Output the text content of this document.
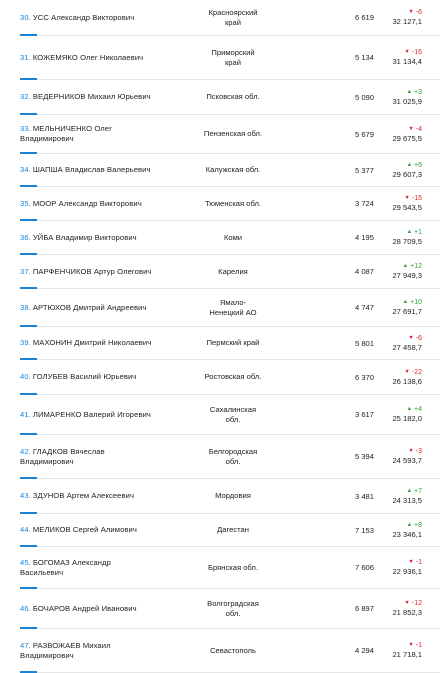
30. УСС Александр Викторович
Красноярский
край	6 619
▼ -6
32 127,1
31. КОЖЕМЯКО Олег Николаевич
Приморский
край	5 134
▼ -16
31 134,4
32. ВЕДЕРНИКОВ Михаил Юрьевич	Псковская обл.	5 090
▲ +3
31 025,9
33. МЕЛЬНИЧЕНКО Олег
Владимирович
Пензенская обл.	5 679
▼ -4
29 675,5
34. ШАПША Владислав Валерьевич	Калужская обл.	5 377
▲ +6
29 607,3
35. МООР Александр Викторович	Тюменская обл.	3 724
▼ -15
29 543,5
36. УЙБА Владимир Викторович	Коми	4 195
▲ +1
28 709,5
37. ПАРФЕНЧИКОВ Артур Олегович	Карелия	4 087
▲ +12
27 949,3
38. АРТЮХОВ Дмитрий Андреевич
Ямало-
Ненецкий АО	4 747
▲ +10
27 691,7
39. МАХОНИН Дмитрий Николаевич	Пермский край	5 801
▼ -6
27 458,7
40. ГОЛУБЕВ Василий Юрьевич	Ростовская обл.	6 370
▼ -22
26 138,6
41. ЛИМАРЕНКО Валерий Игоревич
Сахалинская
обл.	3 617
▲ +4
25 182,0
42. ГЛАДКОВ Вячеслав
Владимирович
Белгородская
обл.	5 394
▼ -3
24 593,7
43. ЗДУНОВ Артем Алексеевич	Мордовия	3 481
▲ +7
24 313,5
44. МЕЛИКОВ Сергей Алимович	Дагестан	7 153
▲ +8
23 346,1
45. БОГОМАЗ Александр
Васильевич
Брянская обл.	7 606
▼ -1
22 936,1
46. БОЧАРОВ Андрей Иванович
Волгоградская
обл.	6 897
▼ -12
21 852,3
47. РАЗВОЖАЕВ Михаил
Владимирович
Севастополь	4 294
▼ -1
21 718,1
